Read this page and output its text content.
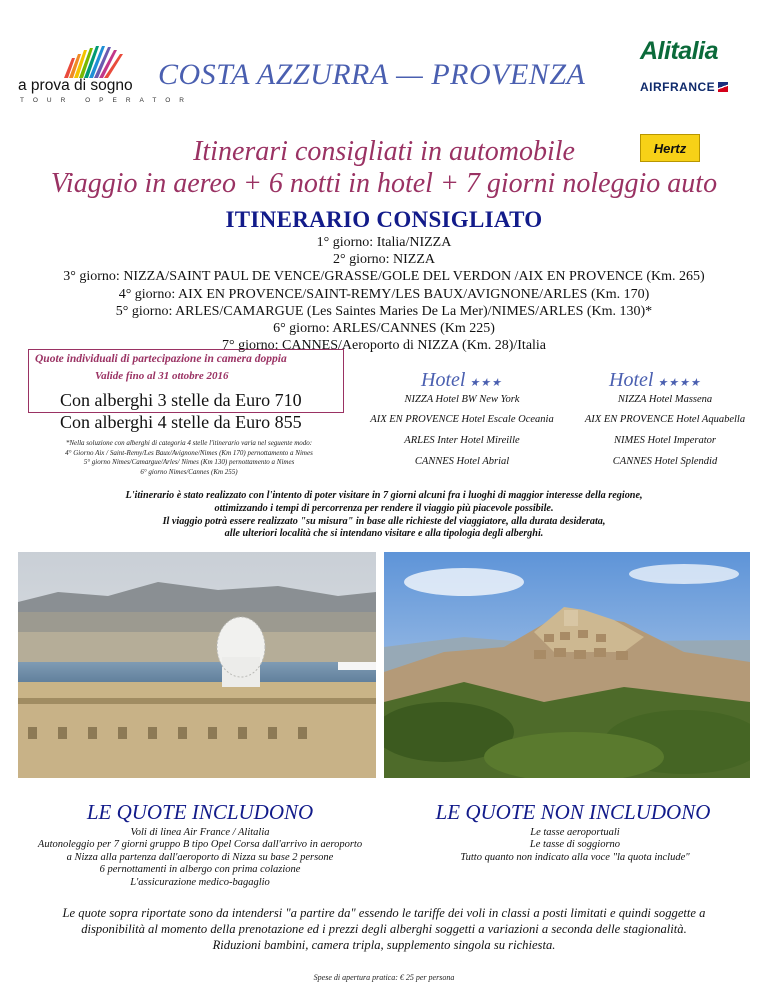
a prova di sogno
TOUR OPERATOR
COSTA AZZURRA — PROVENZA
Alitalia
AIRFRANCE
Hertz
Itinerari consigliati in automobile
Viaggio in aereo + 6 notti in hotel + 7 giorni noleggio auto
ITINERARIO CONSIGLIATO
1° giorno: Italia/NIZZA
2° giorno: NIZZA
3° giorno: NIZZA/SAINT PAUL DE VENCE/GRASSE/GOLE DEL VERDON /AIX EN PROVENCE (Km. 265)
4° giorno: AIX EN PROVENCE/SAINT-REMY/LES BAUX/AVIGNONE/ARLES (Km. 170)
5° giorno: ARLES/CAMARGUE (Les Saintes Maries De La Mer)/NIMES/ARLES (Km. 130)*
6° giorno: ARLES/CANNES (Km 225)
7° giorno: CANNES/Aeroporto di NIZZA (Km. 28)/Italia
Quote individuali di partecipazione in camera doppia
Valide fino al 31 ottobre 2016
Con alberghi 3 stelle da Euro 710
Con alberghi 4 stelle da Euro 855
*Nella soluzione con alberghi di categoria 4 stelle l'itinerario varia nel seguente modo:
4° Giorno Aix / Saint-Remy/Les Baux/Avignone/Nimes (Km 170) pernottamento a Nimes
5° giorno Nimes/Camargue/Arles/ Nimes (Km 130) pernottamento a Nimes
6° giorno Nimes/Cannes (Km 255)
Hotel ★★★	Hotel ★★★★
NIZZA Hotel BW New York	NIZZA Hotel Massena
AIX EN PROVENCE Hotel Escale Oceania	AIX EN PROVENCE Hotel Aquabella
ARLES Inter Hotel Mireille	NIMES Hotel Imperator
CANNES Hotel Abrial	CANNES Hotel Splendid
L'itinerario è stato realizzato con l'intento di poter visitare in 7 giorni alcuni fra i luoghi di maggior interesse della regione,
ottimizzando i tempi di percorrenza per rendere il viaggio più piacevole possibile.
Il viaggio potrà essere realizzato "su misura" in base alle richieste del viaggiatore, alla durata desiderata,
alle ulteriori località che si intendano visitare e alla tipologia degli alberghi.
LE QUOTE INCLUDONO	LE QUOTE NON INCLUDONO
Voli di linea Air France / Alitalia
Autonoleggio per 7 giorni gruppo B tipo Opel Corsa dall'arrivo in aeroporto
a Nizza alla partenza dall'aeroporto di Nizza su base 2 persone
6 pernottamenti in albergo con prima colazione
L'assicurazione medico-bagaglio
Le tasse aeroportuali
Le tasse di soggiorno
Tutto quanto non indicato alla voce "la quota include"
Le quote sopra riportate sono da intendersi "a partire da" essendo le tariffe dei voli in classi a posti limitati e quindi soggette a
disponibilità al momento della prenotazione ed i prezzi degli alberghi soggetti a variazioni a seconda delle stagionalità.
Riduzioni bambini, camera tripla, supplemento singola su richiesta.
Spese di apertura pratica: € 25 per persona
